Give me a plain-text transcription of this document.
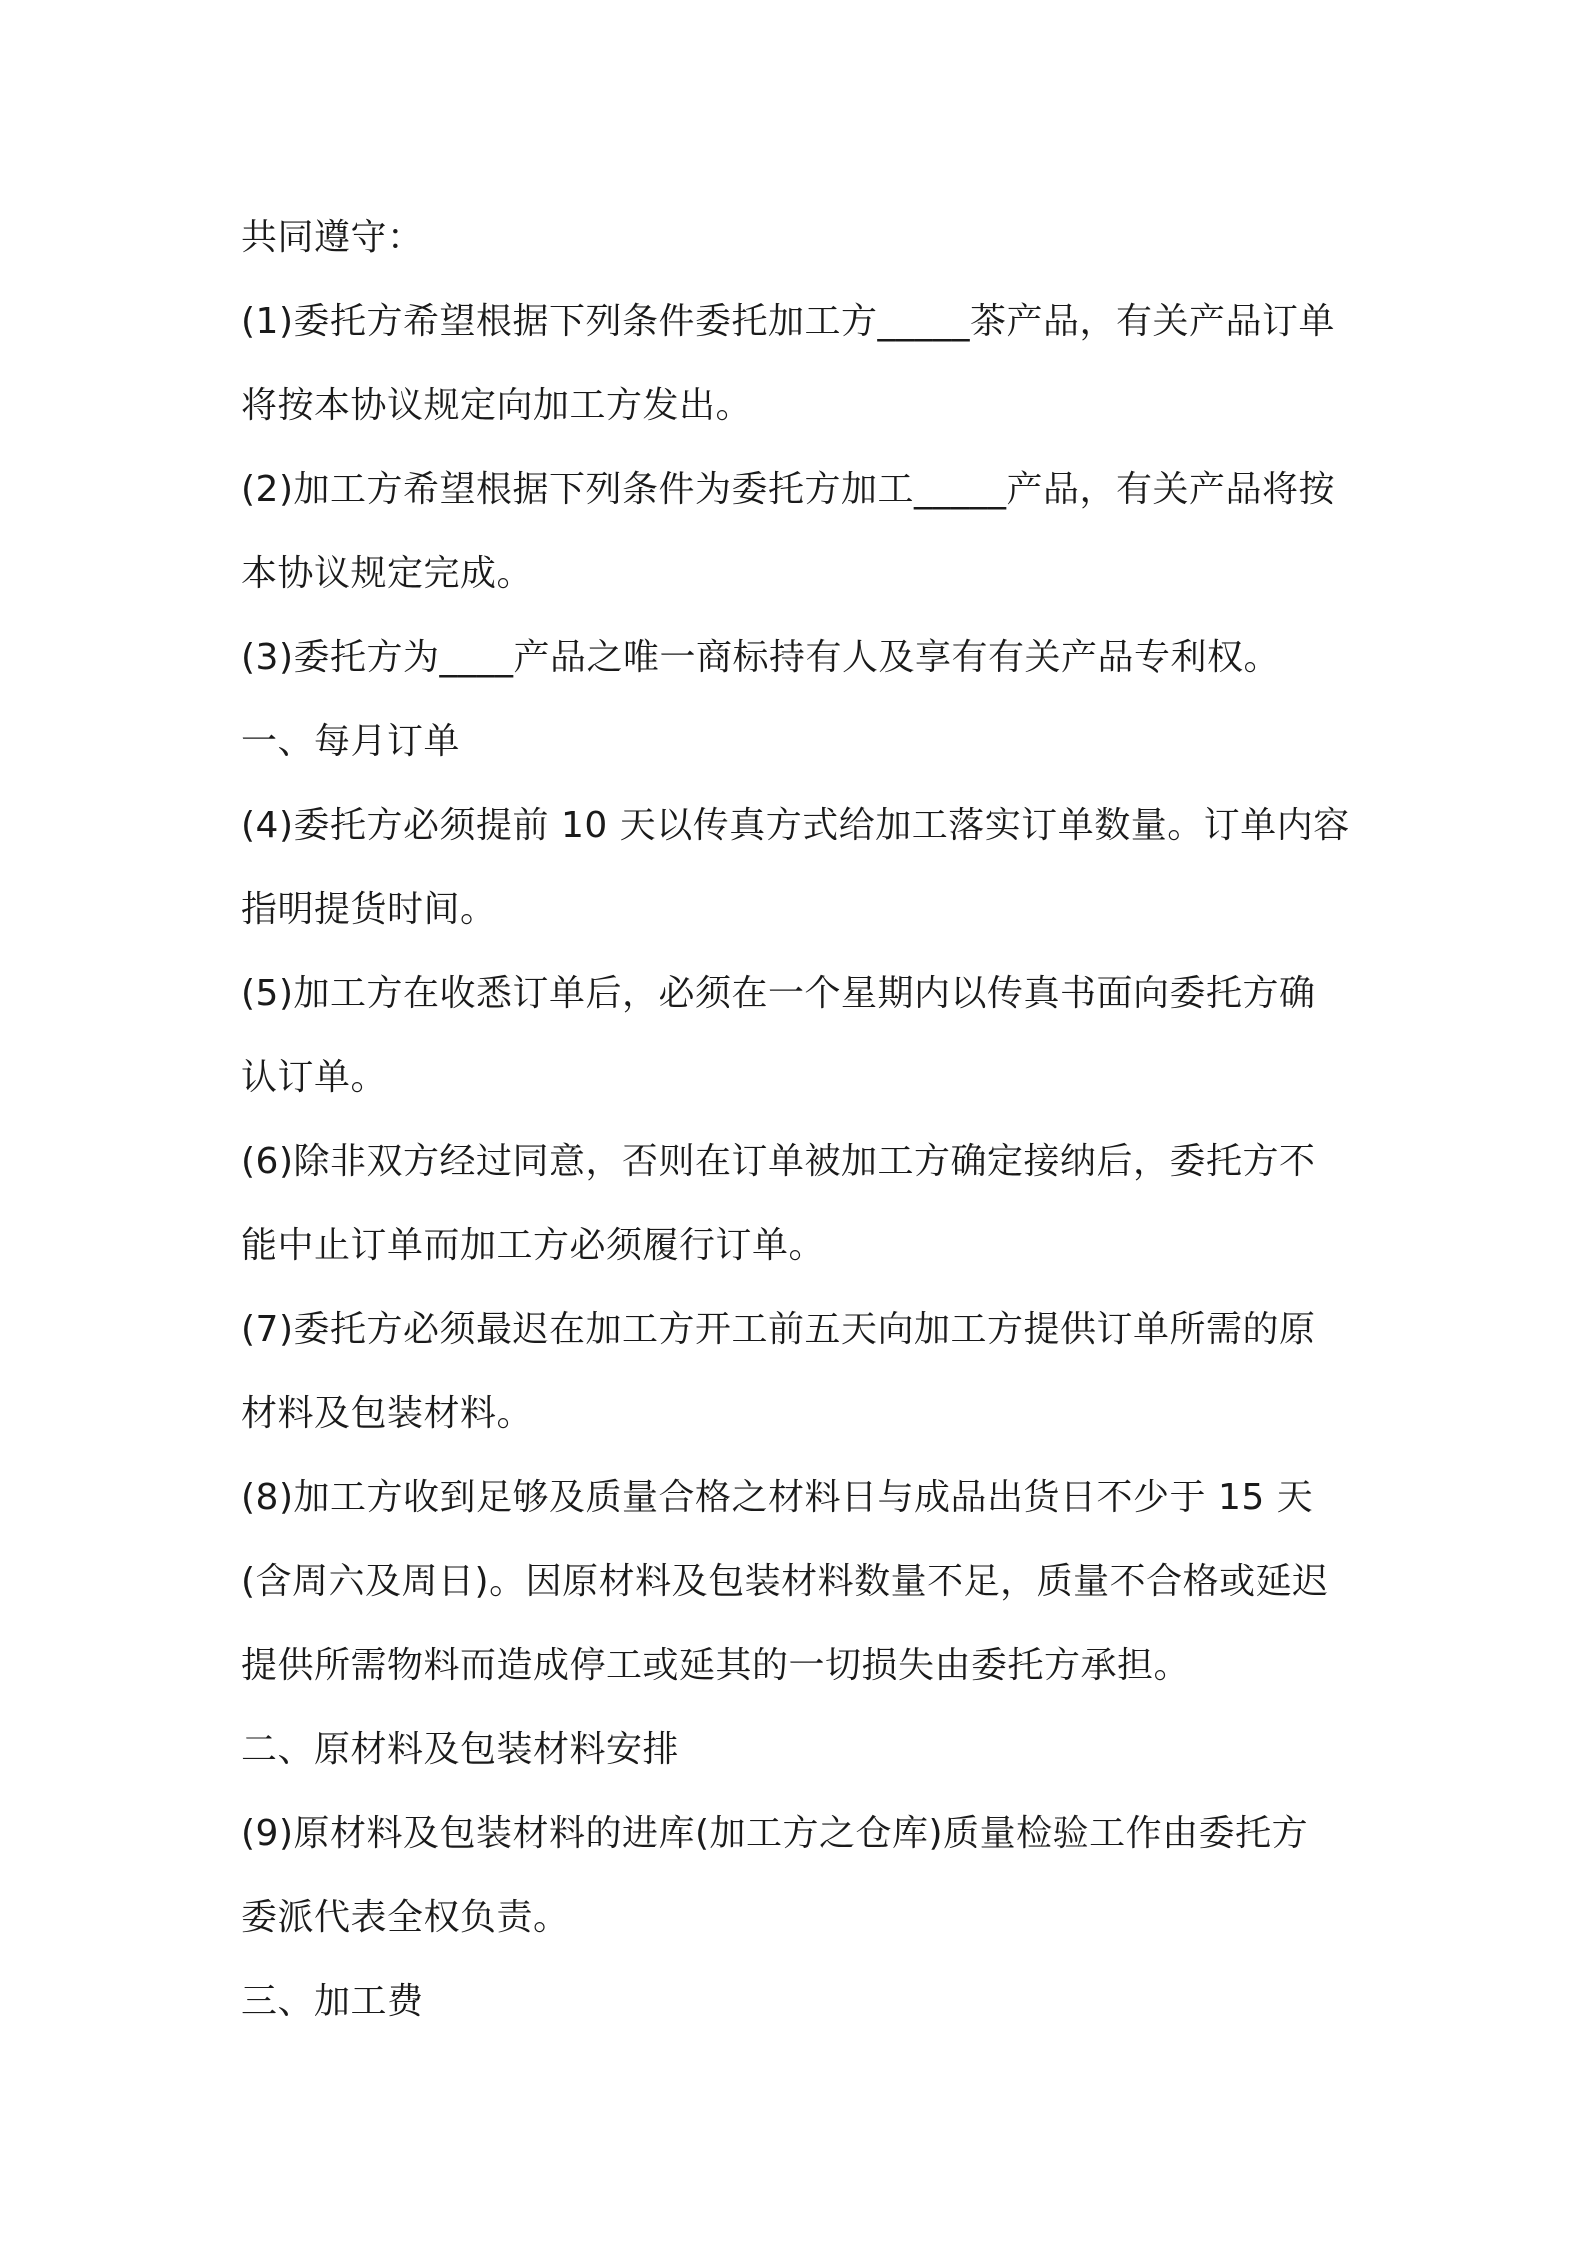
共同遵守：
(1)委托方希望根据下列条件委托加工方_____茶产品，有关产品订单
将按本协议规定向加工方发出。
(2)加工方希望根据下列条件为委托方加工_____产品，有关产品将按
本协议规定完成。
(3)委托方为____产品之唯一商标持有人及享有有关产品专利权。
一、每月订单
(4)委托方必须提前 10 天以传真方式给加工落实订单数量。订单内容
指明提货时间。
(5)加工方在收悉订单后，必须在一个星期内以传真书面向委托方确
认订单。
(6)除非双方经过同意，否则在订单被加工方确定接纳后，委托方不
能中止订单而加工方必须履行订单。
(7)委托方必须最迟在加工方开工前五天向加工方提供订单所需的原
材料及包装材料。
(8)加工方收到足够及质量合格之材料日与成品出货日不少于 15 天
(含周六及周日)。因原材料及包装材料数量不足，质量不合格或延迟
提供所需物料而造成停工或延其的一切损失由委托方承担。
二、原材料及包装材料安排
(9)原材料及包装材料的进库(加工方之仓库)质量检验工作由委托方
委派代表全权负责。
三、加工费
